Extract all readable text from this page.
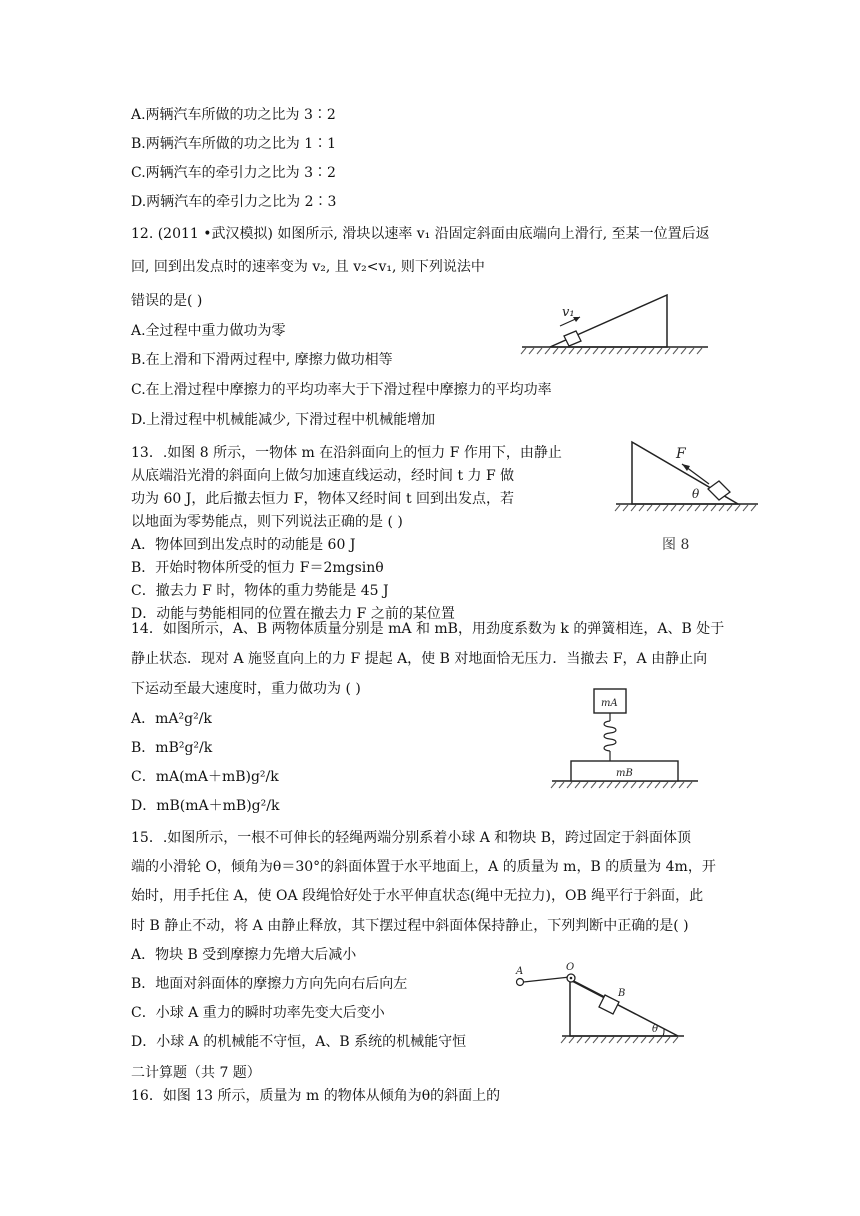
A.两辆汽车所做的功之比为 3∶2
B.两辆汽车所做的功之比为 1∶1
C.两辆汽车的牵引力之比为 3∶2
D.两辆汽车的牵引力之比为 2∶3
12. (2011 •武汉模拟) 如图所示, 滑块以速率 v₁ 沿固定斜面由底端向上滑行, 至某一位置后返
回, 回到出发点时的速率变为 v₂, 且 v₂<v₁, 则下列说法中
错误的是( )
A.全过程中重力做功为零
B.在上滑和下滑两过程中, 摩擦力做功相等
C.在上滑过程中摩擦力的平均功率大于下滑过程中摩擦力的平均功率
D.上滑过程中机械能减少, 下滑过程中机械能增加
v₁
13．.如图 8 所示，一物体 m 在沿斜面向上的恒力 F 作用下，由静止
从底端沿光滑的斜面向上做匀加速直线运动，经时间 t 力 F 做
功为 60 J，此后撤去恒力 F，物体又经时间 t 回到出发点，若
以地面为零势能点，则下列说法正确的是 ( )
A．物体回到出发点时的动能是 60 J
B．开始时物体所受的恒力 F＝2mgsinθ
C．撤去力 F 时，物体的重力势能是 45 J
D．动能与势能相同的位置在撤去力 F 之前的某位置
F
θ
图 8
14．如图所示，A、B 两物体质量分别是 mA 和 mB，用劲度系数为 k 的弹簧相连，A、B 处于
静止状态．现对 A 施竖直向上的力 F 提起 A，使 B 对地面恰无压力．当撤去 F，A 由静止向
下运动至最大速度时，重力做功为 ( )
A．mA²g²/k
B．mB²g²/k
C．mA(mA＋mB)g²/k
D．mB(mA＋mB)g²/k
mA
mB
15．.如图所示，一根不可伸长的轻绳两端分别系着小球 A 和物块 B，跨过固定于斜面体顶
端的小滑轮 O，倾角为θ＝30°的斜面体置于水平地面上，A 的质量为 m，B 的质量为 4m，开
始时，用手托住 A，使 OA 段绳恰好处于水平伸直状态(绳中无拉力)，OB 绳平行于斜面，此
时 B 静止不动，将 A 由静止释放，其下摆过程中斜面体保持静止，下列判断中正确的是( )
A．物块 B 受到摩擦力先增大后减小
B．地面对斜面体的摩擦力方向先向右后向左
C．小球 A 重力的瞬时功率先变大后变小
D．小球 A 的机械能不守恒，A、B 系统的机械能守恒
A	O
B
θ
二计算题（共 7 题）
16．如图 13 所示，质量为 m 的物体从倾角为θ的斜面上的
